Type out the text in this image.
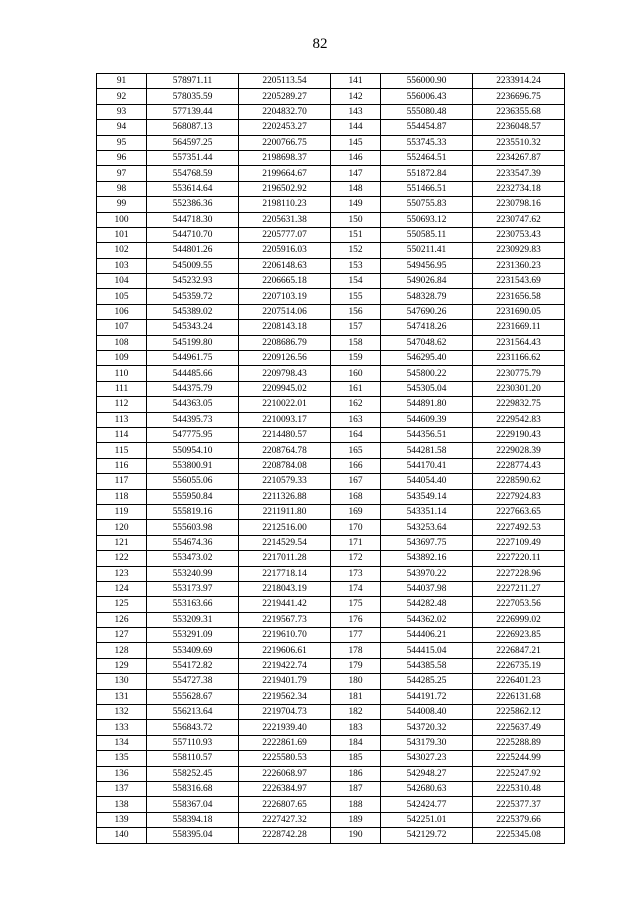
82
91	578971.11	2205113.54	141	556000.90	2233914.24
92	578035.59	2205289.27	142	556006.43	2236696.75
93	577139.44	2204832.70	143	555080.48	2236355.68
94	568087.13	2202453.27	144	554454.87	2236048.57
95	564597.25	2200766.75	145	553745.33	2235510.32
96	557351.44	2198698.37	146	552464.51	2234267.87
97	554768.59	2199664.67	147	551872.84	2233547.39
98	553614.64	2196502.92	148	551466.51	2232734.18
99	552386.36	2198110.23	149	550755.83	2230798.16
100	544718.30	2205631.38	150	550693.12	2230747.62
101	544710.70	2205777.07	151	550585.11	2230753.43
102	544801.26	2205916.03	152	550211.41	2230929.83
103	545009.55	2206148.63	153	549456.95	2231360.23
104	545232.93	2206665.18	154	549026.84	2231543.69
105	545359.72	2207103.19	155	548328.79	2231656.58
106	545389.02	2207514.06	156	547690.26	2231690.05
107	545343.24	2208143.18	157	547418.26	2231669.11
108	545199.80	2208686.79	158	547048.62	2231564.43
109	544961.75	2209126.56	159	546295.40	2231166.62
110	544485.66	2209798.43	160	545800.22	2230775.79
111	544375.79	2209945.02	161	545305.04	2230301.20
112	544363.05	2210022.01	162	544891.80	2229832.75
113	544395.73	2210093.17	163	544609.39	2229542.83
114	547775.95	2214480.57	164	544356.51	2229190.43
115	550954.10	2208764.78	165	544281.58	2229028.39
116	553800.91	2208784.08	166	544170.41	2228774.43
117	556055.06	2210579.33	167	544054.40	2228590.62
118	555950.84	2211326.88	168	543549.14	2227924.83
119	555819.16	2211911.80	169	543351.14	2227663.65
120	555603.98	2212516.00	170	543253.64	2227492.53
121	554674.36	2214529.54	171	543697.75	2227109.49
122	553473.02	2217011.28	172	543892.16	2227220.11
123	553240.99	2217718.14	173	543970.22	2227228.96
124	553173.97	2218043.19	174	544037.98	2227211.27
125	553163.66	2219441.42	175	544282.48	2227053.56
126	553209.31	2219567.73	176	544362.02	2226999.02
127	553291.09	2219610.70	177	544406.21	2226923.85
128	553409.69	2219606.61	178	544415.04	2226847.21
129	554172.82	2219422.74	179	544385.58	2226735.19
130	554727.38	2219401.79	180	544285.25	2226401.23
131	555628.67	2219562.34	181	544191.72	2226131.68
132	556213.64	2219704.73	182	544008.40	2225862.12
133	556843.72	2221939.40	183	543720.32	2225637.49
134	557110.93	2222861.69	184	543179.30	2225288.89
135	558110.57	2225580.53	185	543027.23	2225244.99
136	558252.45	2226068.97	186	542948.27	2225247.92
137	558316.68	2226384.97	187	542680.63	2225310.48
138	558367.04	2226807.65	188	542424.77	2225377.37
139	558394.18	2227427.32	189	542251.01	2225379.66
140	558395.04	2228742.28	190	542129.72	2225345.08
